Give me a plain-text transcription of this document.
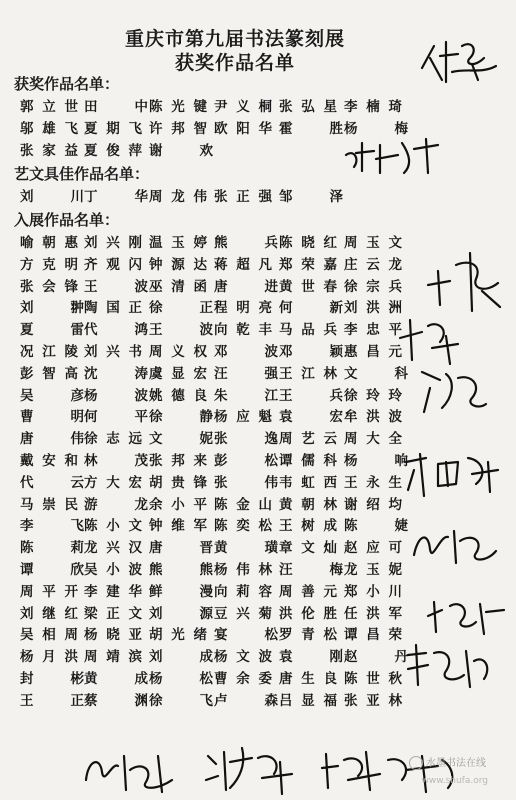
重庆市第九届书法篆刻展
获奖作品名单
获奖作品名单：
郭立世 田中 陈光键 尹义桐 张弘星 李楠琦
邬雄飞 夏期飞 许邦智 欧阳华 霍胜 杨梅
张家益 夏俊萍 谢欢
艺文具佳作品名单：
刘川 丁华 周龙伟 张正强 邹泽
入展作品名单：
喻朝惠 刘兴刚 温玉婷 熊兵 陈晓红 周玉文
方克明 齐观闪 钟源达 蒋超凡 郑荣嘉 庄云龙
张会锋 王波 巫清函 唐进 黄世春 徐宗兵
刘翀 陶国正 徐正 程明亮 何新 刘洪洲
夏雷 代鸿 王波 向乾丰 马品兵 李忠平
况江陵 刘兴书 周义权 邓波 邓颖 惠昌元
彭智高 沈涛 虞显宏 汪强 王江林 文科
吴彦 杨波 姚德良 朱江 王兵 徐玲玲
曹明 何平 徐静 杨应魁 袁宏 牟洪波
唐伟 徐志远 文妮 张逸 周艺云 周大全
戴安和 林茂 张邦来 彭松 谭儒科 杨响
代云 方大宏 胡贵锋 张伟 韦虹西 王永生
马崇民 游龙 余小平 陈金山 黄朝林 谢绍均
李飞 陈小文 钟维军 陈奕松 王树成 陈婕
陈莉 龙兴汉 唐晋 黄璜 章文灿 赵应可
谭欣 吴小波 熊熊 杨伟林 汪梅 龙玉妮
周平开 李建华 鲜漫 向莉容 周善元 郑小川
刘继红 梁正文 刘源 豆兴菊 洪伦胜 任洪军
吴相周 杨晓亚 胡光绪 宴松 罗青松 谭昌荣
杨月洪 周靖滨 刘成 杨文波 袁刚 赵丹
封彬 黄成 杨松 曹余委 唐生良 陈世秋
王正 蔡渊 徐飞 卢森 吕显福 张亚林
www.shufa.org
水墨书法在线
